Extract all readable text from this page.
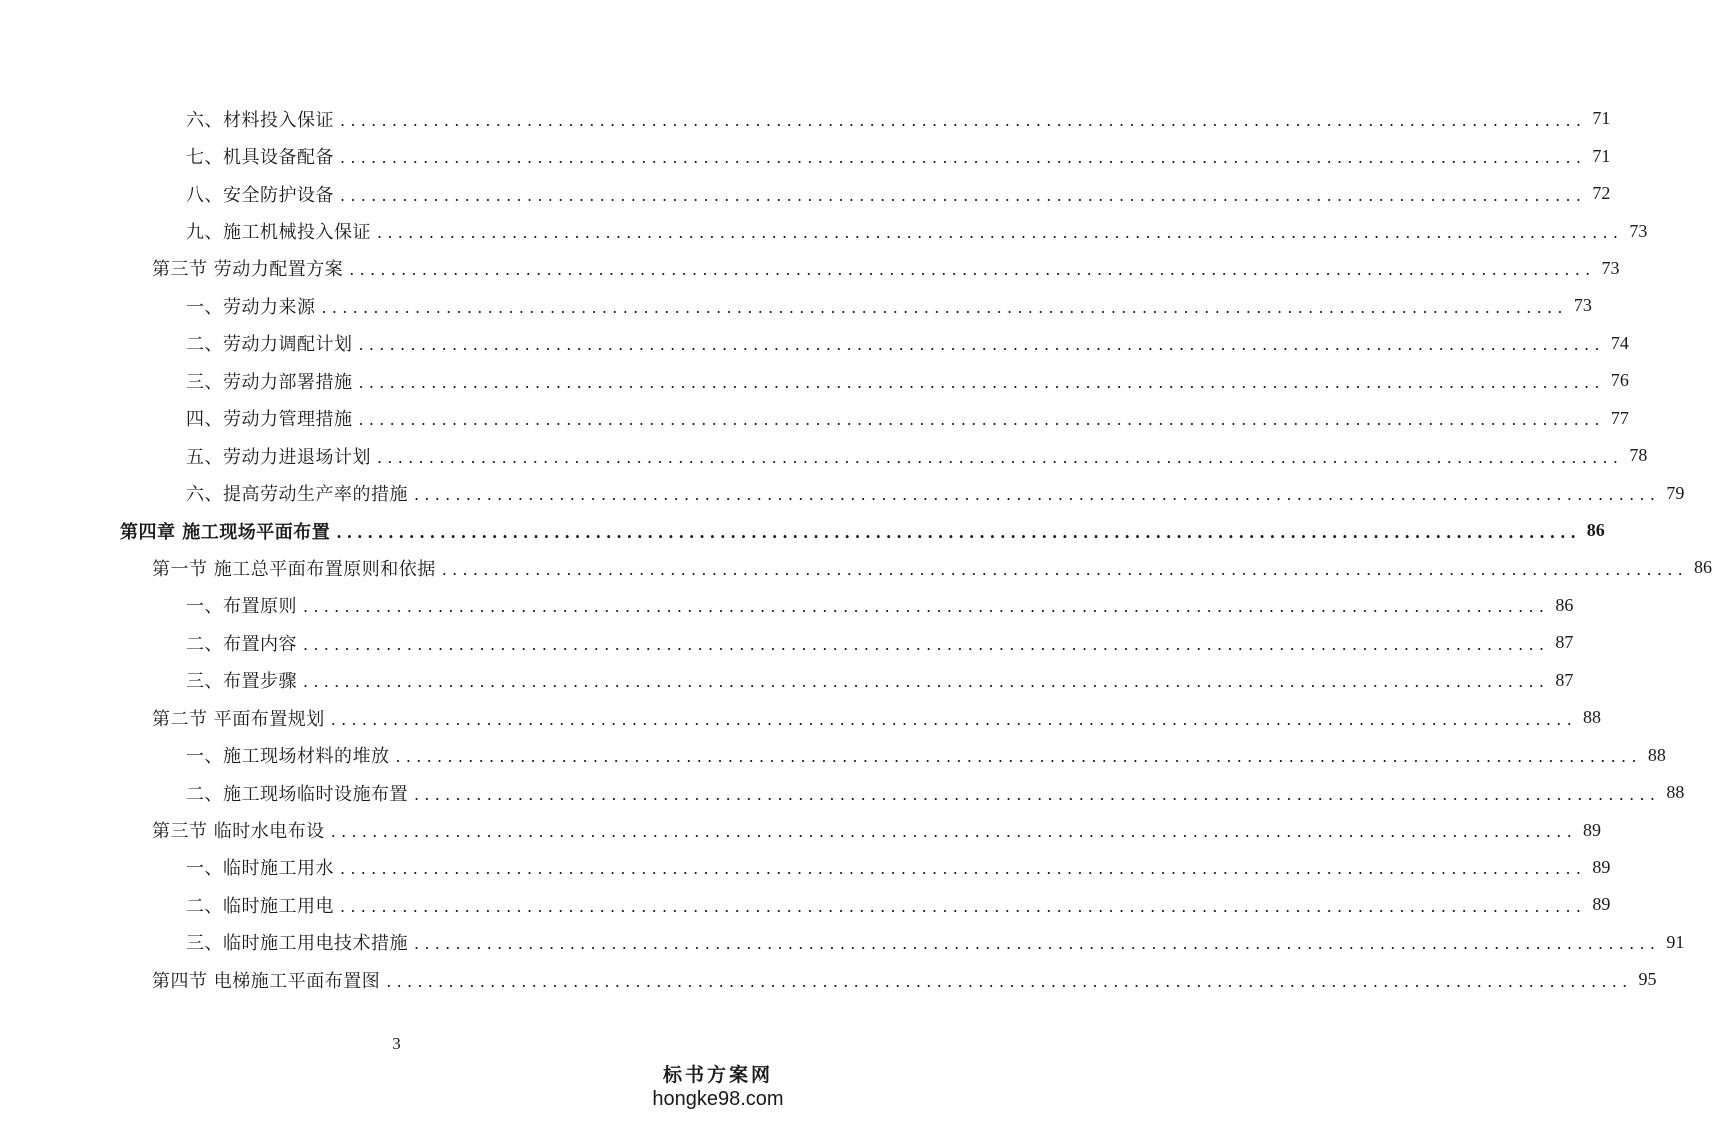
六、材料投入保证 ........................................................................................................................ 71
七、机具设备配备 ........................................................................................................................ 71
八、安全防护设备 ........................................................................................................................ 72
九、施工机械投入保证 ........................................................................................................................ 73
第三节 劳动力配置方案 ........................................................................................................................ 73
一、劳动力来源 ........................................................................................................................ 73
二、劳动力调配计划 ........................................................................................................................ 74
三、劳动力部署措施 ........................................................................................................................ 76
四、劳动力管理措施 ........................................................................................................................ 77
五、劳动力进退场计划 ........................................................................................................................ 78
六、提高劳动生产率的措施 ........................................................................................................................ 79
第四章 施工现场平面布置 ........................................................................................................................ 86
第一节 施工总平面布置原则和依据 ........................................................................................................................ 86
一、布置原则 ........................................................................................................................ 86
二、布置内容 ........................................................................................................................ 87
三、布置步骤 ........................................................................................................................ 87
第二节 平面布置规划 ........................................................................................................................ 88
一、施工现场材料的堆放 ........................................................................................................................ 88
二、施工现场临时设施布置 ........................................................................................................................ 88
第三节 临时水电布设 ........................................................................................................................ 89
一、临时施工用水 ........................................................................................................................ 89
二、临时施工用电 ........................................................................................................................ 89
三、临时施工用电技术措施 ........................................................................................................................ 91
第四节 电梯施工平面布置图 ........................................................................................................................ 95
3
标书方案网
hongke98.com
